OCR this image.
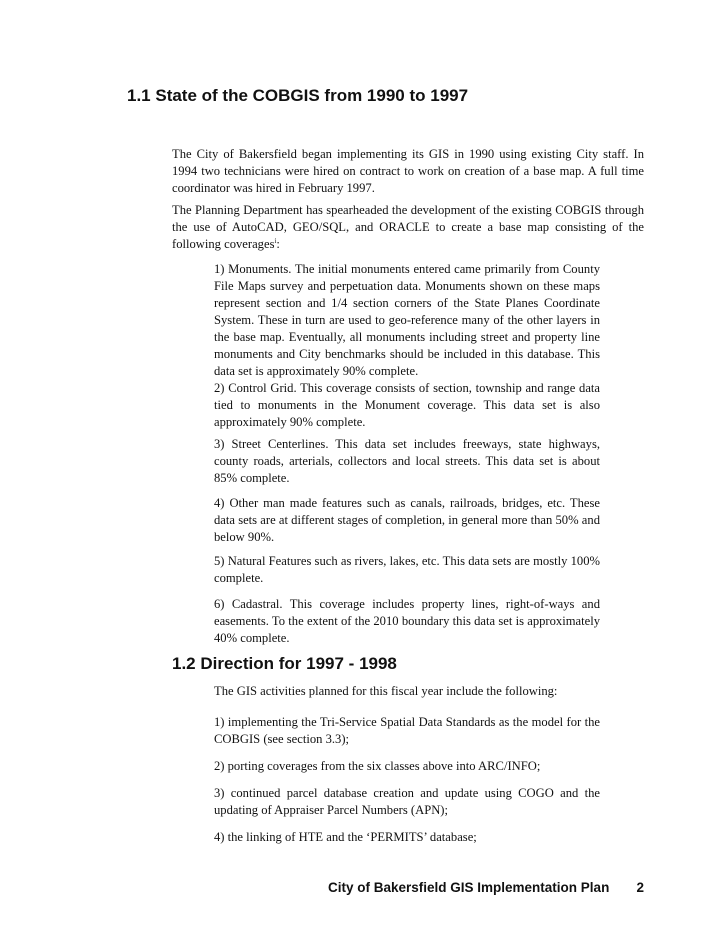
1.1 State of the COBGIS from 1990 to 1997

The City of Bakersfield began implementing its GIS in 1990 using existing City staff. In 1994 two technicians were hired on contract to work on creation of a base map. A full time coordinator was hired in February 1997.

The Planning Department has spearheaded the development of the existing COBGIS through the use of AutoCAD, GEO/SQL, and ORACLE to create a base map consisting of the following coverages$^i$:

1) Monuments. The initial monuments entered came primarily from County File Maps survey and perpetuation data. Monuments shown on these maps represent section and 1/4 section corners of the State Planes Coordinate System. These in turn are used to geo-reference many of the other layers in the base map. Eventually, all monuments including street and property line monuments and City benchmarks should be included in this database. This data set is approximately 90% complete.

2) Control Grid. This coverage consists of section, township and range data tied to monuments in the Monument coverage. This data set is also approximately 90% complete.

3) Street Centerlines. This data set includes freeways, state highways, county roads, arterials, collectors and local streets. This data set is about 85% complete.

4) Other man made features such as canals, railroads, bridges, etc. These data sets are at different stages of completion, in general more than 50% and below 90%.

5) Natural Features such as rivers, lakes, etc. This data sets are mostly 100% complete.

6) Cadastral. This coverage includes property lines, right-of-ways and easements. To the extent of the 2010 boundary this data set is approximately 40% complete.

1.2 Direction for 1997 - 1998

The GIS activities planned for this fiscal year include the following:

1) implementing the Tri-Service Spatial Data Standards as the model for the COBGIS (see section 3.3);

2) porting coverages from the six classes above into ARC/INFO;

3) continued parcel database creation and update using COGO and the updating of Appraiser Parcel Numbers (APN);

4) the linking of HTE and the ‘PERMITS’ database;

City of Bakersfield GIS Implementation Plan 2
